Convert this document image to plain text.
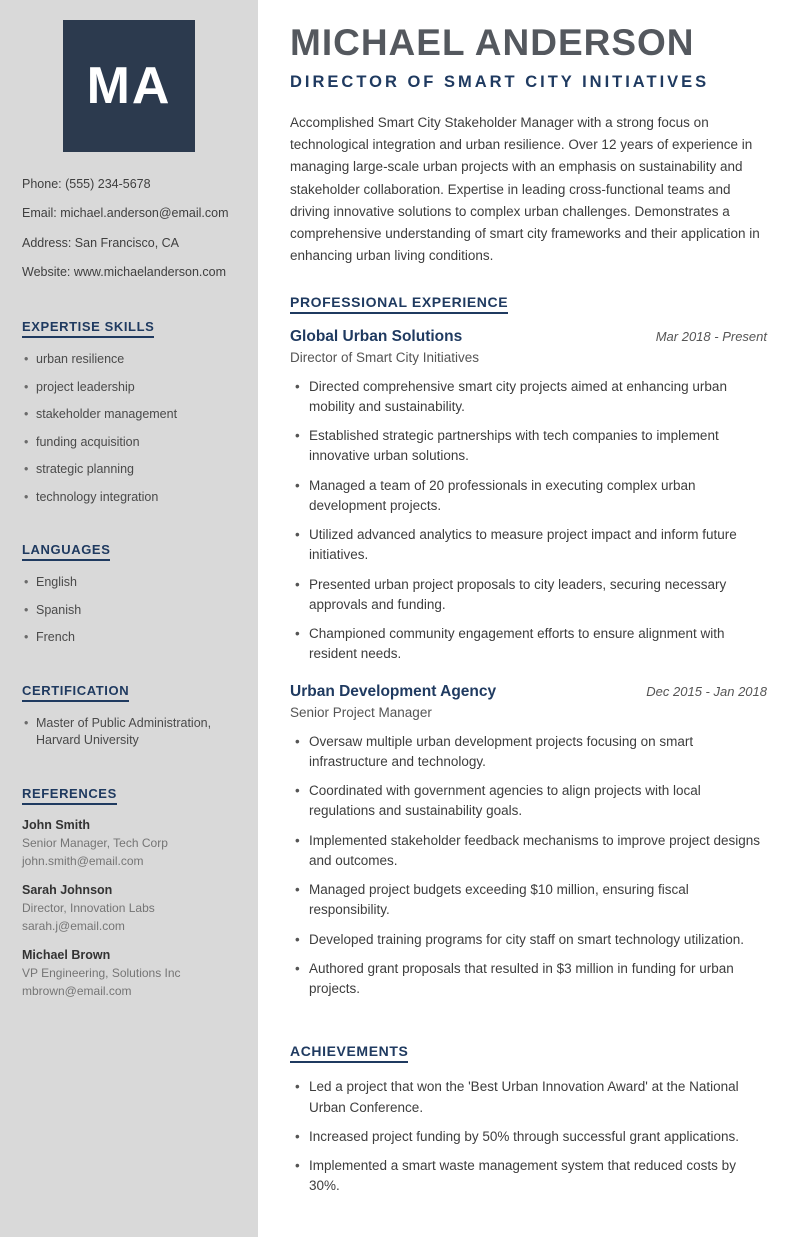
MA
Phone: (555) 234-5678
Email: michael.anderson@email.com
Address: San Francisco, CA
Website: www.michaelanderson.com
EXPERTISE SKILLS
• urban resilience
• project leadership
• stakeholder management
• funding acquisition
• strategic planning
• technology integration
LANGUAGES
• English
• Spanish
• French
CERTIFICATION
• Master of Public Administration, Harvard University
REFERENCES
John Smith
Senior Manager, Tech Corp
john.smith@email.com
Sarah Johnson
Director, Innovation Labs
sarah.j@email.com
Michael Brown
VP Engineering, Solutions Inc
mbrown@email.com
MICHAEL ANDERSON
DIRECTOR OF SMART CITY INITIATIVES

Accomplished Smart City Stakeholder Manager with a strong focus on technological integration and urban resilience. Over 12 years of experience in managing large-scale urban projects with an emphasis on sustainability and stakeholder collaboration. Expertise in leading cross-functional teams and driving innovative solutions to complex urban challenges. Demonstrates a comprehensive understanding of smart city frameworks and their application in enhancing urban living conditions.

PROFESSIONAL EXPERIENCE
Global Urban Solutions	Mar 2018 - Present
Director of Smart City Initiatives
• Directed comprehensive smart city projects aimed at enhancing urban mobility and sustainability.
• Established strategic partnerships with tech companies to implement innovative urban solutions.
• Managed a team of 20 professionals in executing complex urban development projects.
• Utilized advanced analytics to measure project impact and inform future initiatives.
• Presented urban project proposals to city leaders, securing necessary approvals and funding.
• Championed community engagement efforts to ensure alignment with resident needs.
Urban Development Agency	Dec 2015 - Jan 2018
Senior Project Manager
• Oversaw multiple urban development projects focusing on smart infrastructure and technology.
• Coordinated with government agencies to align projects with local regulations and sustainability goals.
• Implemented stakeholder feedback mechanisms to improve project designs and outcomes.
• Managed project budgets exceeding $10 million, ensuring fiscal responsibility.
• Developed training programs for city staff on smart technology utilization.
• Authored grant proposals that resulted in $3 million in funding for urban projects.
ACHIEVEMENTS
• Led a project that won the 'Best Urban Innovation Award' at the National Urban Conference.
• Increased project funding by 50% through successful grant applications.
• Implemented a smart waste management system that reduced costs by 30%.
